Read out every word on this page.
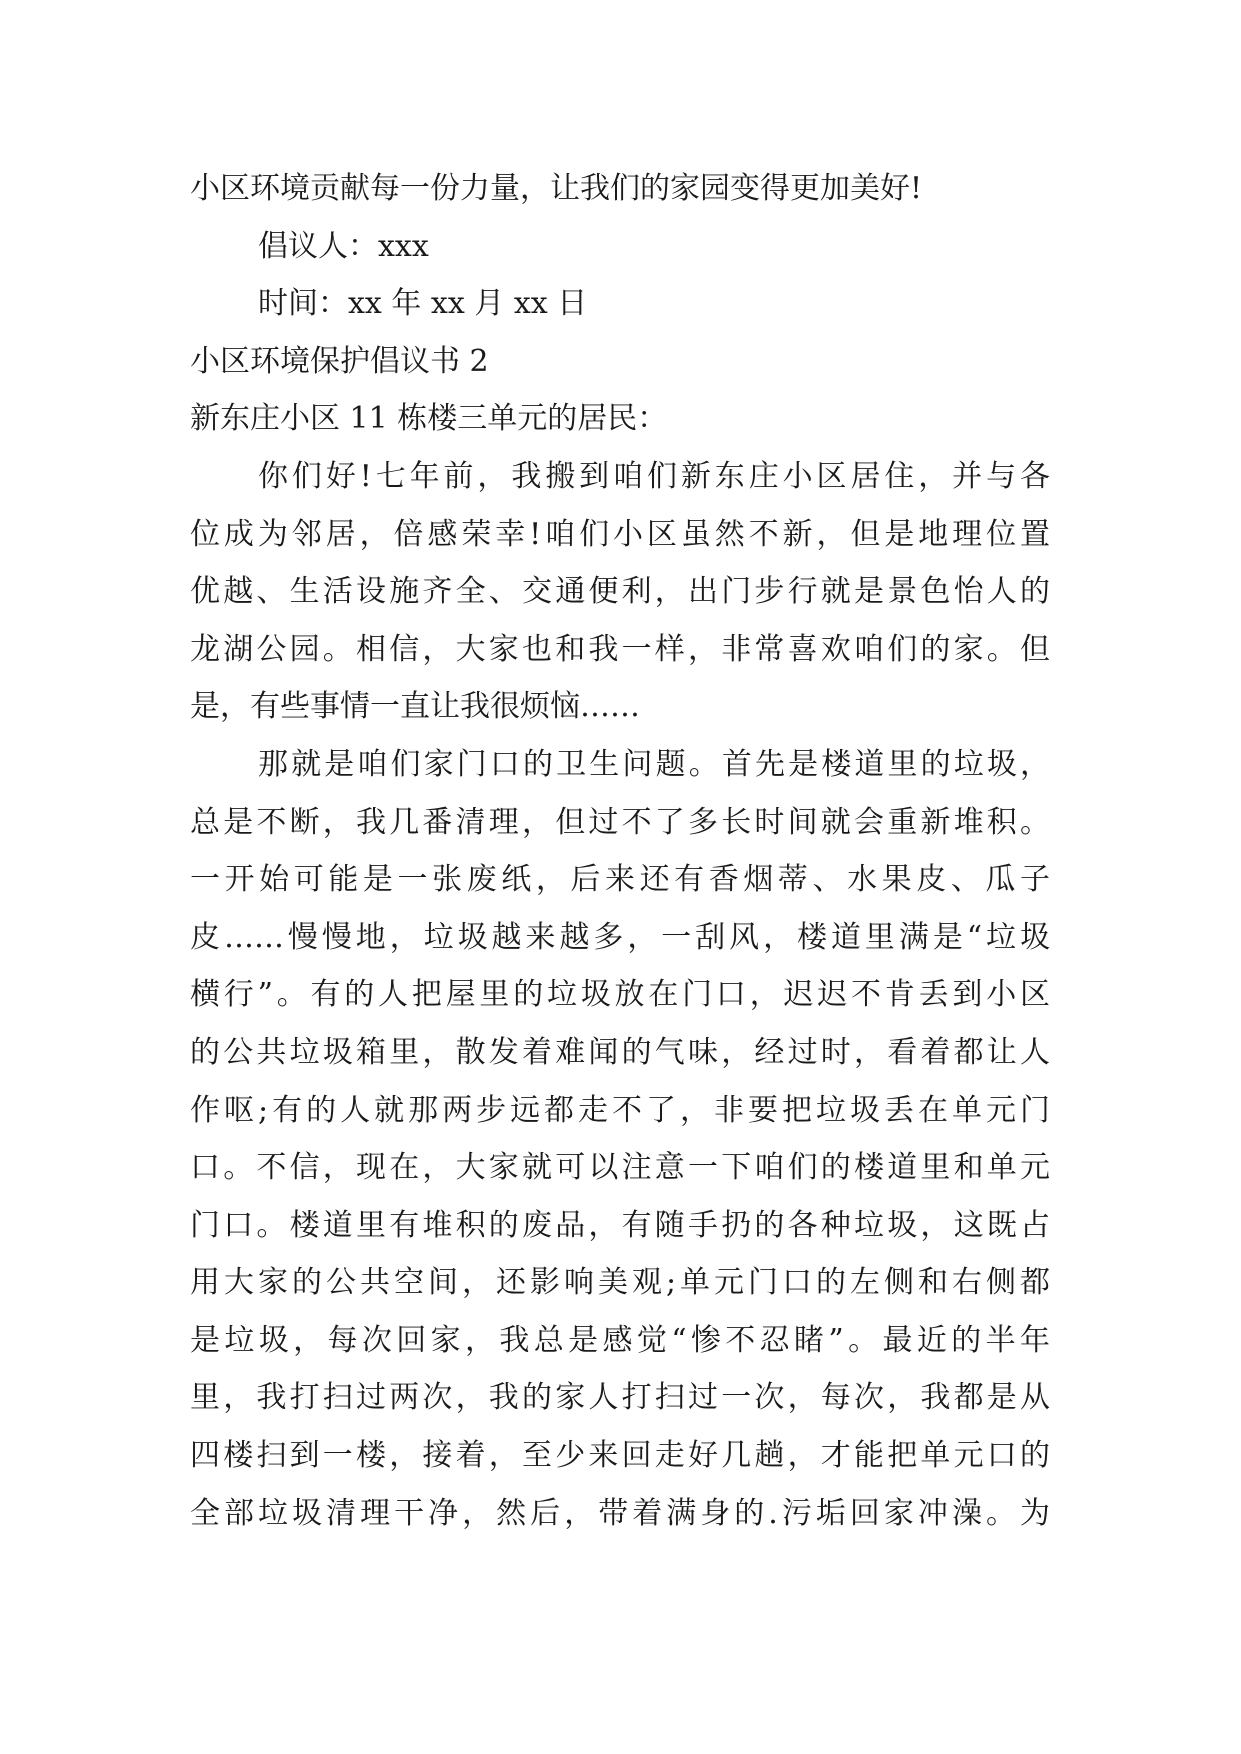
小区环境贡献每一份力量，让我们的家园变得更加美好!
倡议人：xxx
时间：xx 年 xx 月 xx 日
小区环境保护倡议书 2
新东庄小区 11 栋楼三单元的居民：
你们好!七年前，我搬到咱们新东庄小区居住，并与各
位成为邻居，倍感荣幸!咱们小区虽然不新，但是地理位置
优越、生活设施齐全、交通便利，出门步行就是景色怡人的
龙湖公园。相信，大家也和我一样，非常喜欢咱们的家。但
是，有些事情一直让我很烦恼……
那就是咱们家门口的卫生问题。首先是楼道里的垃圾，
总是不断，我几番清理，但过不了多长时间就会重新堆积。
一开始可能是一张废纸，后来还有香烟蒂、水果皮、瓜子
皮……慢慢地，垃圾越来越多，一刮风，楼道里满是“垃圾
横行”。有的人把屋里的垃圾放在门口，迟迟不肯丢到小区
的公共垃圾箱里，散发着难闻的气味，经过时，看着都让人
作呕;有的人就那两步远都走不了，非要把垃圾丢在单元门
口。不信，现在，大家就可以注意一下咱们的楼道里和单元
门口。楼道里有堆积的废品，有随手扔的各种垃圾，这既占
用大家的公共空间，还影响美观;单元门口的左侧和右侧都
是垃圾，每次回家，我总是感觉“惨不忍睹”。最近的半年
里，我打扫过两次，我的家人打扫过一次，每次，我都是从
四楼扫到一楼，接着，至少来回走好几趟，才能把单元口的
全部垃圾清理干净，然后，带着满身的.污垢回家冲澡。为
